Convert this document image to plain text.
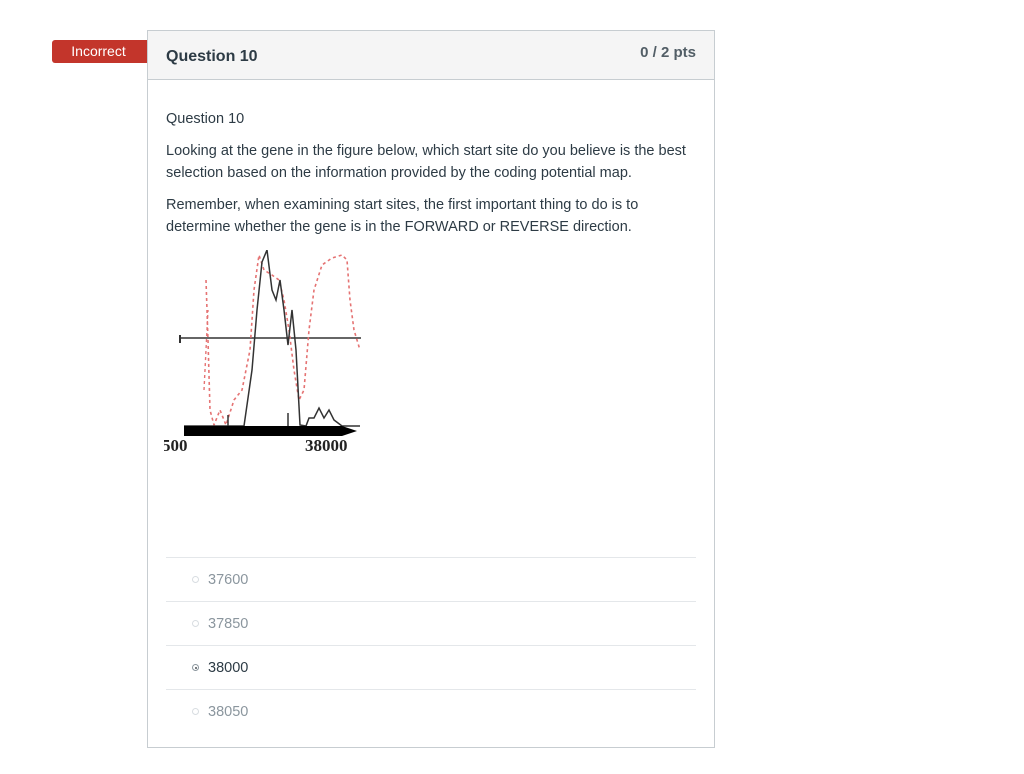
Incorrect	Question 10	0 / 2 pts

Question 10

Looking at the gene in the figure below, which start site do you believe is the best selection based on the information provided by the coding potential map.

Remember, when examining start sites, the first important thing to do is to determine whether the gene is in the FORWARD or REVERSE direction.

500	38000
37600
37850
38000
38050
